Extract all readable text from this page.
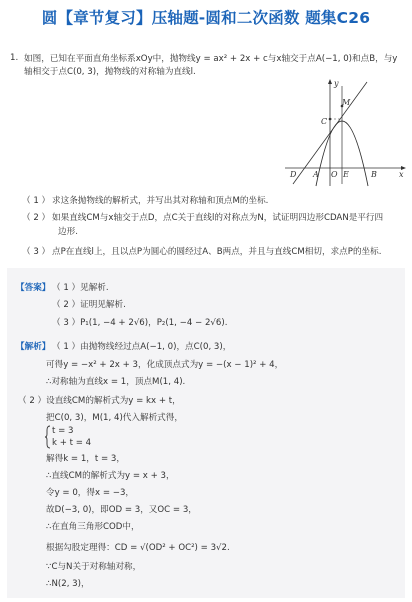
圆【章节复习】压轴题-圆和二次函数 题集C26
1. 如图，已知在平面直角坐标系xOy中，抛物线y = ax² + 2x + c与x轴交于点A(−1, 0)和点B，与y
轴相交于点C(0, 3)，抛物线的对称轴为直线l.
y
x
M
C
D A O E	B
（ 1 ） 求这条抛物线的解析式，并写出其对称轴和顶点M的坐标.
（ 2 ） 如果直线CM与x轴交于点D，点C关于直线l的对称点为N，试证明四边形CDAN是平行四
边形.
（ 3 ） 点P在直线l上，且以点P为圆心的圆经过A、B两点，并且与直线CM相切，求点P的坐标.
【答案】 （ 1 ）见解析.
（ 2 ）证明见解析.
（ 3 ）P₁(1, −4 + 2√6)，P₂(1, −4 − 2√6).
【解析】 （ 1 ）由抛物线经过点A(−1, 0)，点C(0, 3)，
可得y = −x² + 2x + 3，化成顶点式为y = −(x − 1)² + 4，
∴对称轴为直线x = 1，顶点M(1, 4).
（ 2 ）设直线CM的解析式为y = kx + t，
把C(0, 3)，M(1, 4)代入解析式得，
t = 3
k + t = 4
解得k = 1，t = 3，
∴直线CM的解析式为y = x + 3，
令y = 0，得x = −3，
故D(−3, 0)，即OD = 3，又OC = 3，
∴在直角三角形COD中，
根据勾股定理得：CD = √(OD² + OC²) = 3√2.
∵C与N关于对称轴对称，
∴N(2, 3)，
